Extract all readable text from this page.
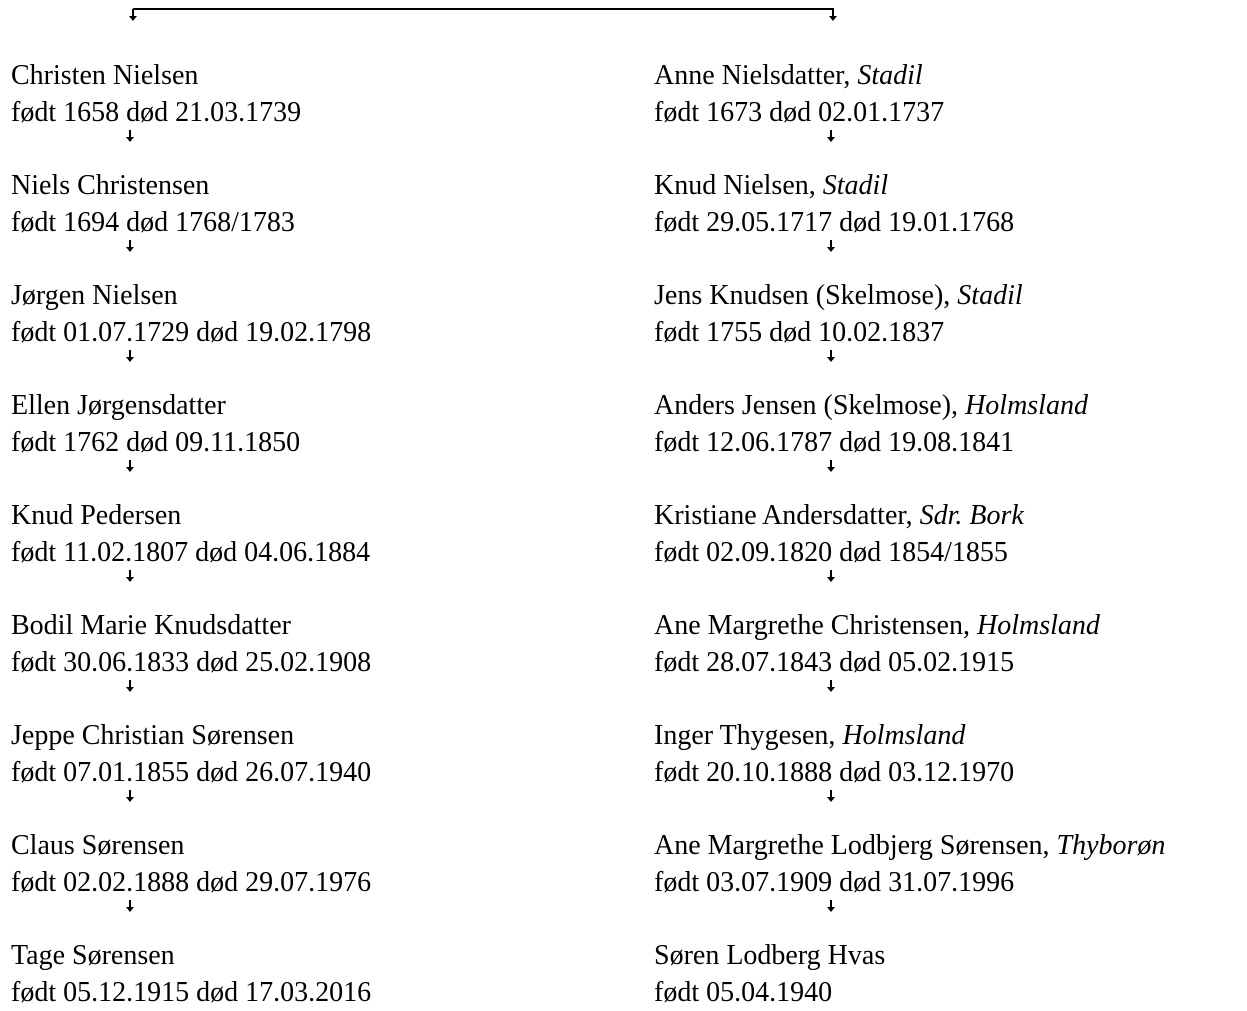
Christen Nielsen
født 1658 død 21.03.1739
Niels Christensen
født 1694 død 1768/1783
Jørgen Nielsen
født 01.07.1729 død 19.02.1798
Ellen Jørgensdatter
født 1762 død 09.11.1850
Knud Pedersen
født 11.02.1807 død 04.06.1884
Bodil Marie Knudsdatter
født 30.06.1833 død 25.02.1908
Jeppe Christian Sørensen
født 07.01.1855 død 26.07.1940
Claus Sørensen
født 02.02.1888 død 29.07.1976
Tage Sørensen
født 05.12.1915 død 17.03.2016
Anne Nielsdatter, Stadil
født 1673 død 02.01.1737
Knud Nielsen, Stadil
født 29.05.1717 død 19.01.1768
Jens Knudsen (Skelmose), Stadil
født 1755 død 10.02.1837
Anders Jensen (Skelmose), Holmsland
født 12.06.1787 død 19.08.1841
Kristiane Andersdatter, Sdr. Bork
født 02.09.1820 død 1854/1855
Ane Margrethe Christensen, Holmsland
født 28.07.1843 død 05.02.1915
Inger Thygesen, Holmsland
født 20.10.1888 død 03.12.1970
Ane Margrethe Lodbjerg Sørensen, Thyborøn
født 03.07.1909 død 31.07.1996
Søren Lodberg Hvas
født 05.04.1940
